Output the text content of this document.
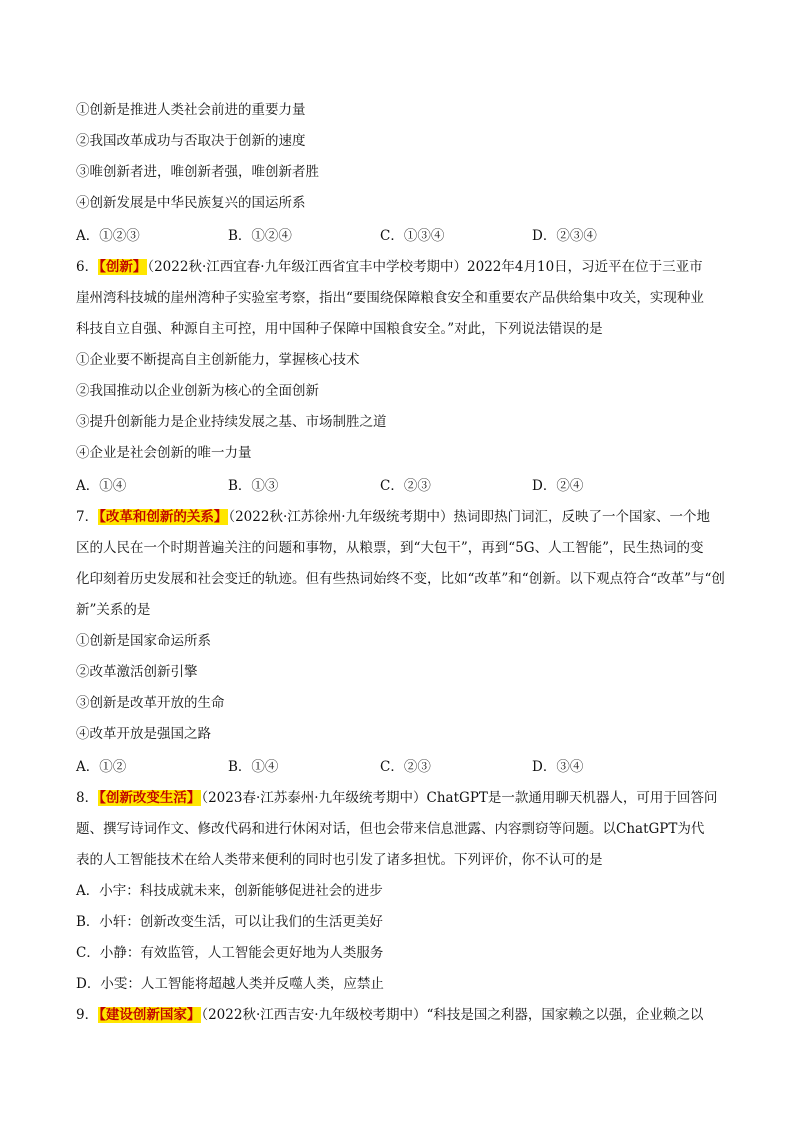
①创新是推进人类社会前进的重要力量
②我国改革成功与否取决于创新的速度
③唯创新者进，唯创新者强，唯创新者胜
④创新发展是中华民族复兴的国运所系
A．①②③	B．①②④	C．①③④	D．②③④
6．【创新】（2022秋·江西宜春·九年级江西省宜丰中学校考期中）2022年4月10日，习近平在位于三亚市
崖州湾科技城的崖州湾种子实验室考察，指出“要围绕保障粮食安全和重要农产品供给集中攻关，实现种业
科技自立自强、种源自主可控，用中国种子保障中国粮食安全。”对此，下列说法错误的是
①企业要不断提高自主创新能力，掌握核心技术
②我国推动以企业创新为核心的全面创新
③提升创新能力是企业持续发展之基、市场制胜之道
④企业是社会创新的唯一力量
A．①④	B．①③	C．②③	D．②④
7．【改革和创新的关系】（2022秋·江苏徐州·九年级统考期中）热词即热门词汇，反映了一个国家、一个地
区的人民在一个时期普遍关注的问题和事物，从粮票，到“大包干”，再到“5G、人工智能”，民生热词的变
化印刻着历史发展和社会变迁的轨迹。但有些热词始终不变，比如“改革”和“创新。以下观点符合“改革”与“创
新”关系的是
①创新是国家命运所系
②改革激活创新引擎
③创新是改革开放的生命
④改革开放是强国之路
A．①②	B．①④	C．②③	D．③④
8．【创新改变生活】（2023春·江苏泰州·九年级统考期中）ChatGPT是一款通用聊天机器人，可用于回答问
题、撰写诗词作文、修改代码和进行休闲对话，但也会带来信息泄露、内容剽窃等问题。以ChatGPT为代
表的人工智能技术在给人类带来便利的同时也引发了诸多担忧。下列评价，你不认可的是
A．小宇：科技成就未来，创新能够促进社会的进步
B．小轩：创新改变生活，可以让我们的生活更美好
C．小静：有效监管，人工智能会更好地为人类服务
D．小雯：人工智能将超越人类并反噬人类，应禁止
9．【建设创新国家】（2022秋·江西吉安·九年级校考期中）“科技是国之利器，国家赖之以强，企业赖之以
